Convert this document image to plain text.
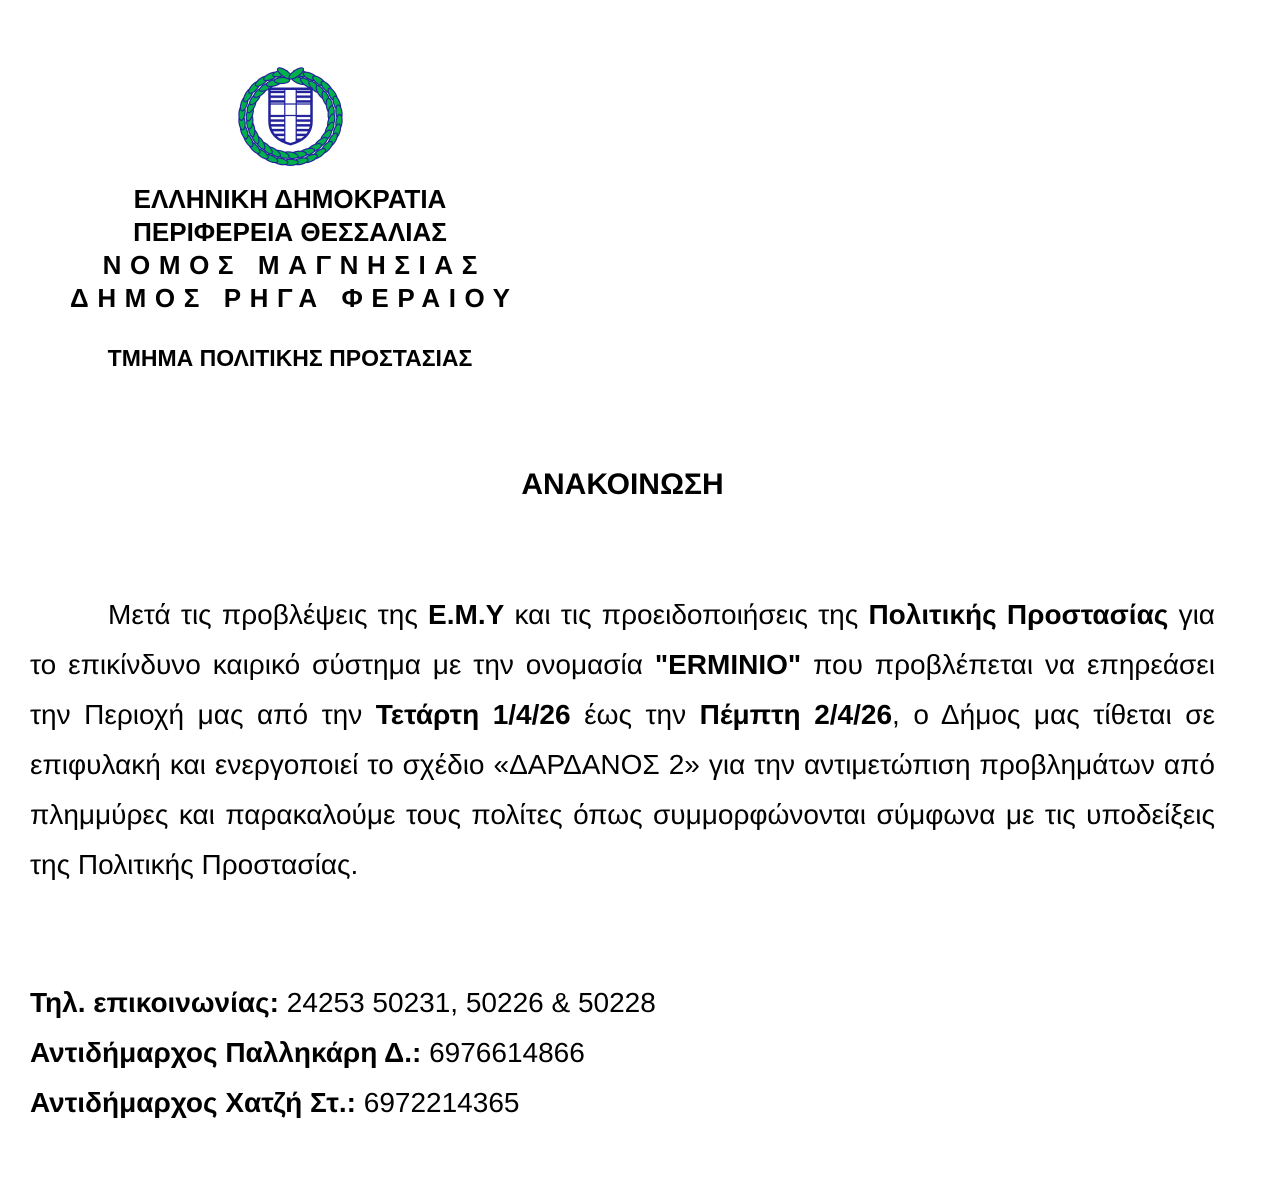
ΕΛΛΗΝΙΚΗ ΔΗΜΟΚΡΑΤΙΑ
ΠΕΡΙΦΕΡΕΙΑ ΘΕΣΣΑΛΙΑΣ
ΝΟΜΟΣ ΜΑΓΝΗΣΙΑΣ
ΔΗΜΟΣ ΡΗΓΑ ΦΕΡΑΙΟΥ
ΤΜΗΜΑ ΠΟΛΙΤΙΚΗΣ ΠΡΟΣΤΑΣΙΑΣ
ΑΝΑΚΟΙΝΩΣΗ

Μετά τις προβλέψεις της Ε.Μ.Υ και τις προειδοποιήσεις της Πολιτικής Προστασίας για το επικίνδυνο καιρικό σύστημα με την ονομασία "ERMINIO" που προβλέπεται να επηρεάσει την Περιοχή μας από την Τετάρτη 1/4/26 έως την Πέμπτη 2/4/26, ο Δήμος μας τίθεται σε επιφυλακή και ενεργοποιεί το σχέδιο «ΔΑΡΔΑΝΟΣ 2» για την αντιμετώπιση προβλημάτων από πλημμύρες και παρακαλούμε τους πολίτες όπως συμμορφώνονται σύμφωνα με τις υποδείξεις της Πολιτικής Προστασίας.

Τηλ. επικοινωνίας: 24253 50231, 50226 & 50228
Αντιδήμαρχος Παλληκάρη Δ.: 6976614866
Αντιδήμαρχος Χατζή Στ.: 6972214365
